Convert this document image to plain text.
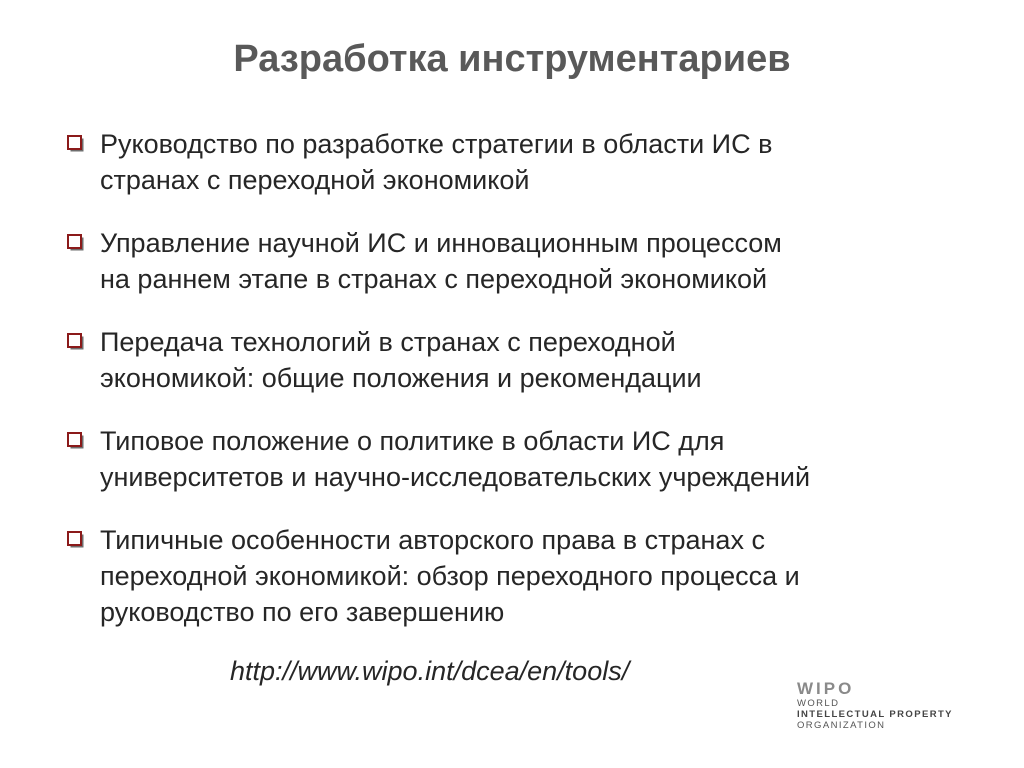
Разработка инструментариев
Руководство по разработке стратегии в области ИС в
странах с переходной экономикой
Управление научной ИС и инновационным процессом
на раннем этапе в странах с переходной экономикой
Передача технологий в странах с переходной
экономикой: общие положения и рекомендации
Типовое положение о политике в области ИС для
университетов и научно-исследовательских учреждений
Типичные особенности авторского права в странах с
переходной экономикой: обзор переходного процесса и
руководство по его завершению
http://www.wipo.int/dcea/en/tools/
WIPO
WORLD
INTELLECTUAL PROPERTY
ORGANIZATION
